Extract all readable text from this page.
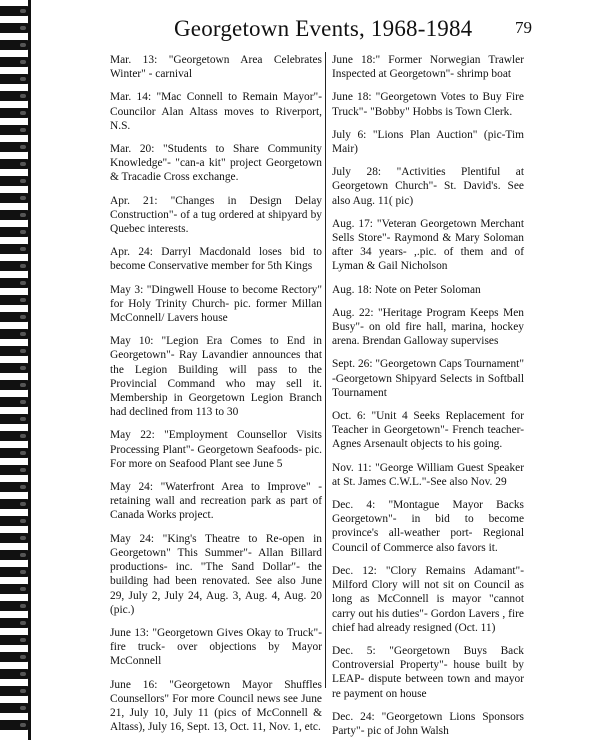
Georgetown Events, 1968-1984	79

Mar. 13: "Georgetown Area Celebrates Winter" - carnival

Mar. 14: "Mac Connell to Remain Mayor"- Councilor Alan Altass moves to Riverport, N.S.

Mar. 20: "Students to Share Community Knowledge"- "can-a kit" project Georgetown & Tracadie Cross exchange.

Apr. 21: "Changes in Design Delay Construction"- of a tug ordered at shipyard by Quebec interests.

Apr. 24: Darryl Macdonald loses bid to become Conservative member for 5th Kings

May 3: "Dingwell House to become Rectory" for Holy Trinity Church- pic. former Millan McConnell/ Lavers house

May 10: "Legion Era Comes to End in Georgetown"- Ray Lavandier announces that the Legion Building will pass to the Provincial Command who may sell it. Membership in Georgetown Legion Branch had declined from 113 to 30

May 22: "Employment Counsellor Visits Processing Plant"- Georgetown Seafoods- pic. For more on Seafood Plant see June 5

May 24: "Waterfront Area to Improve" - retaining wall and recreation park as part of Canada Works project.

May 24: "King's Theatre to Re-open in Georgetown" This Summer"- Allan Billard productions- inc. "The Sand Dollar"- the building had been renovated. See also June 29, July 2, July 24, Aug. 3, Aug. 4, Aug. 20 (pic.)

June 13: "Georgetown Gives Okay to Truck"- fire truck- over objections by Mayor McConnell

June 16: "Georgetown Mayor Shuffles Counsellors" For more Council news see June 21, July 10, July 11 (pics of McConnell & Altass), July 16, Sept. 13, Oct. 11, Nov. 1, etc.

June 18:" Former Norwegian Trawler Inspected at Georgetown"- shrimp boat

June 18: "Georgetown Votes to Buy Fire Truck"- "Bobby" Hobbs is Town Clerk.

July 6: "Lions Plan Auction" (pic-Tim Mair)

July 28: "Activities Plentiful at Georgetown Church"- St. David's. See also Aug. 11( pic)

Aug. 17: "Veteran Georgetown Merchant Sells Store"- Raymond & Mary Soloman after 34 years- ,.pic. of them and of Lyman & Gail Nicholson

Aug. 18: Note on Peter Soloman

Aug. 22: "Heritage Program Keeps Men Busy"- on old fire hall, marina, hockey arena. Brendan Galloway supervises

Sept. 26: "Georgetown Caps Tournament" -Georgetown Shipyard Selects in Softball Tournament

Oct. 6: "Unit 4 Seeks Replacement for Teacher in Georgetown"- French teacher- Agnes Arsenault objects to his going.

Nov. 11: "George William Guest Speaker at St. James C.W.L."-See also Nov. 29

Dec. 4: "Montague Mayor Backs Georgetown"- in bid to become province's all-weather port- Regional Council of Commerce also favors it.

Dec. 12: "Clory Remains Adamant"- Milford Clory will not sit on Council as long as McConnell is mayor "cannot carry out his duties"- Gordon Lavers , fire chief had already resigned (Oct. 11)

Dec. 5: "Georgetown Buys Back Controversial Property"- house built by LEAP- dispute between town and mayor re payment on house

Dec. 24: "Georgetown Lions Sponsors Party"- pic of John Walsh
